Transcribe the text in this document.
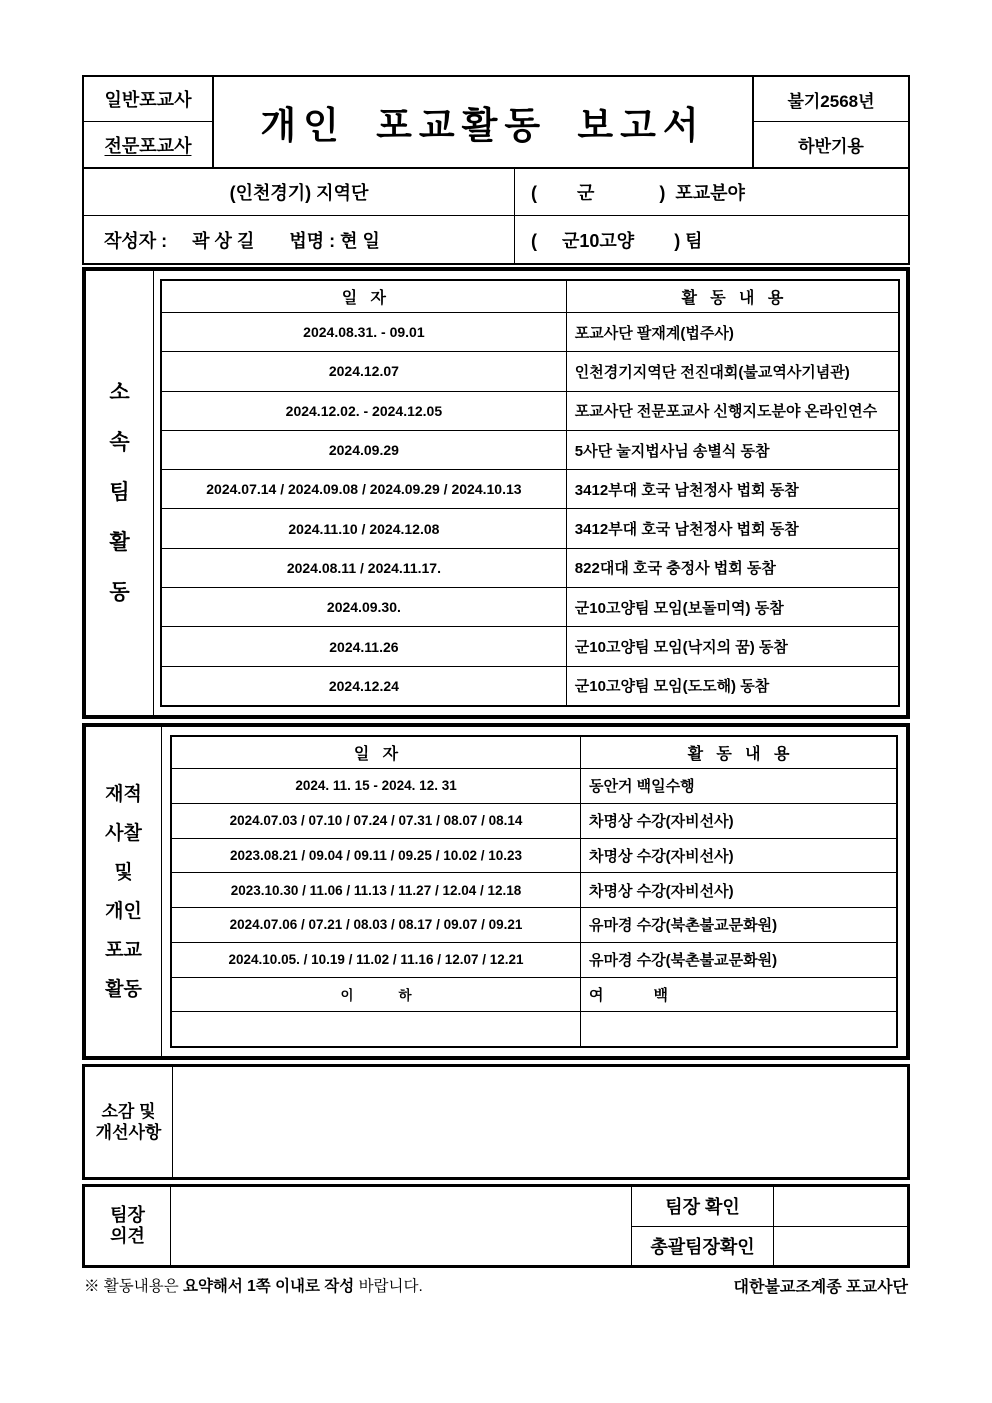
일반포교사
전문포교사	개인 포교활동 보고서
불기2568년
하반기용
(인천경기) 지역단	(        군             )  포교분야
작성자 :     곽 상 길       법명 : 현 일	(     군10고양        ) 팀
소
속
팀
활
동
일   자	활   동   내   용
2024.08.31. - 09.01	포교사단 팔재계(법주사)
2024.12.07	인천경기지역단 전진대회(불교역사기념관)
2024.12.02. - 2024.12.05	포교사단 전문포교사 신행지도분야 온라인연수
2024.09.29	5사단 눌지법사님 송별식 동참
2024.07.14 / 2024.09.08 / 2024.09.29 / 2024.10.13	3412부대 호국 남천정사 법회 동참
2024.11.10 / 2024.12.08	3412부대 호국 남천정사 법회 동참
2024.08.11 / 2024.11.17.	822대대 호국 충정사 법회 동참
2024.09.30.	군10고양팀 모임(보돌미역) 동참
2024.11.26	군10고양팀 모임(낙지의 꿈) 동참
2024.12.24	군10고양팀 모임(도도해) 동참
재적
사찰
및
개인
포교
활동
일   자	활   동   내   용
2024. 11. 15 - 2024. 12. 31	동안거 백일수행
2024.07.03 / 07.10 / 07.24 / 07.31 / 08.07 / 08.14	차명상 수강(자비선사)
2023.08.21 / 09.04 / 09.11 / 09.25 / 10.02 / 10.23	차명상 수강(자비선사)
2023.10.30 / 11.06 / 11.13 / 11.27 / 12.04 / 12.18	차명상 수강(자비선사)
2024.07.06 / 07.21 / 08.03 / 08.17 / 09.07 / 09.21	유마경 수강(북촌불교문화원)
2024.10.05. / 10.19 / 11.02 / 11.16 / 12.07 / 12.21	유마경 수강(북촌불교문화원)
이            하	여            백
소감 및
개선사항
팀장
의견
팀장 확인
총괄팀장확인
※ 활동내용은 요약해서 1쪽 이내로 작성 바랍니다.	대한불교조계종 포교사단
